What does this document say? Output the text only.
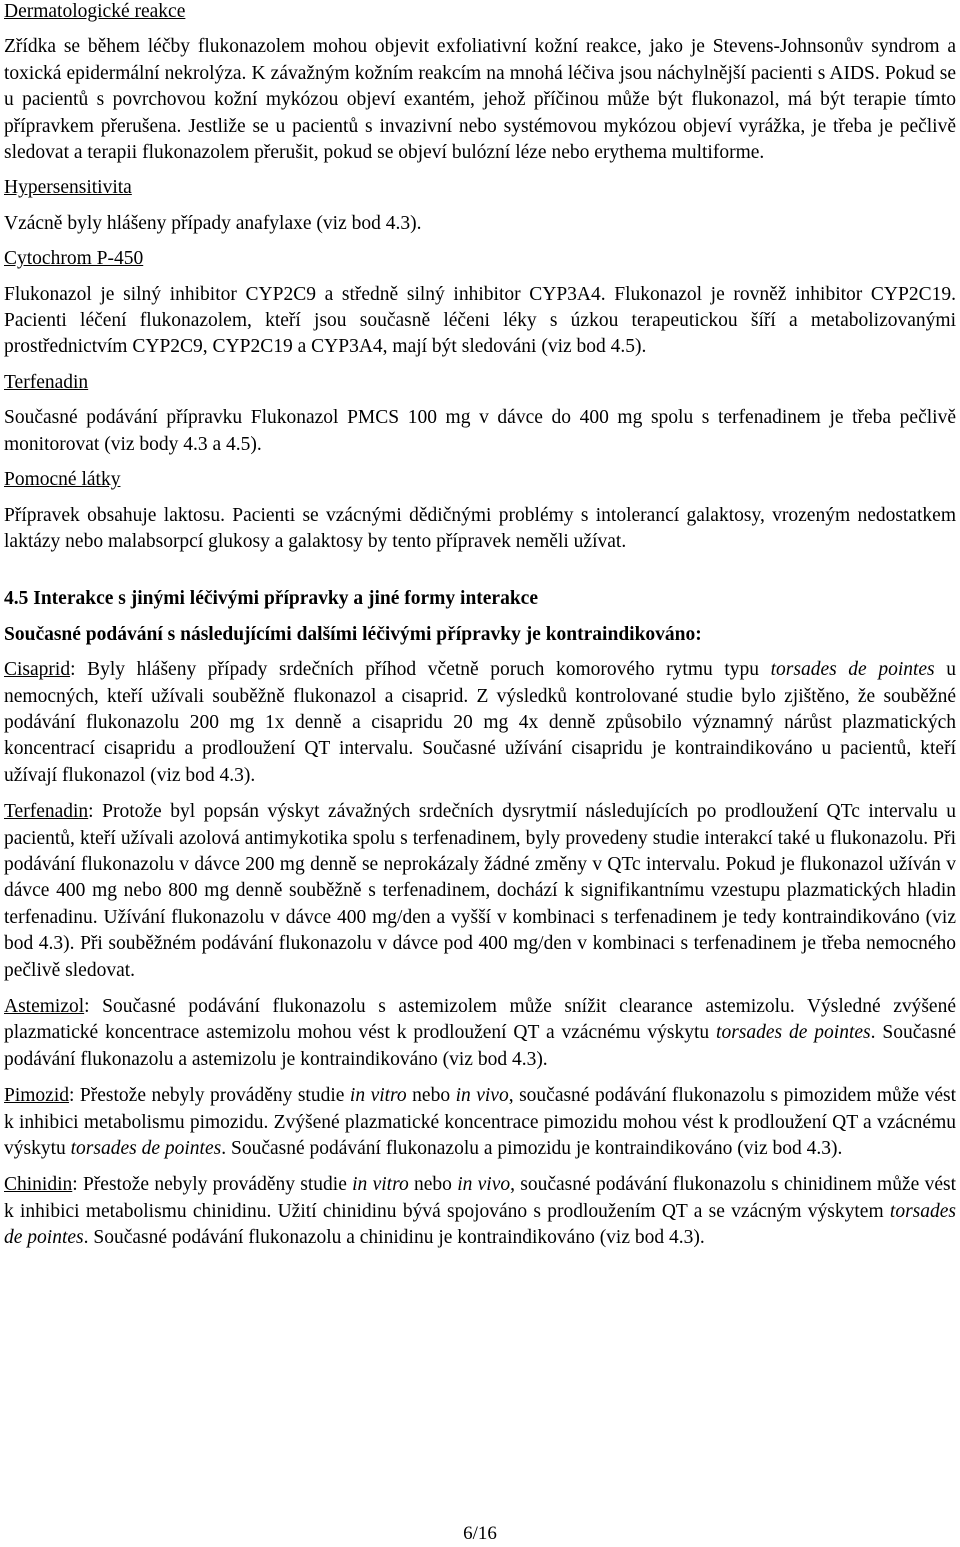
Dermatologické reakce

Zřídka se během léčby flukonazolem mohou objevit exfoliativní kožní reakce, jako je Stevens-Johnsonův syndrom a toxická epidermální nekrolýza. K závažným kožním reakcím na mnohá léčiva jsou náchylnější pacienti s AIDS. Pokud se u pacientů s povrchovou kožní mykózou objeví exantém, jehož příčinou může být flukonazol, má být terapie tímto přípravkem přerušena. Jestliže se u pacientů s invazivní nebo systémovou mykózou objeví vyrážka, je třeba je pečlivě sledovat a terapii flukonazolem přerušit, pokud se objeví bulózní léze nebo erythema multiforme.

Hypersensitivita

Vzácně byly hlášeny případy anafylaxe (viz bod 4.3).

Cytochrom P-450

Flukonazol je silný inhibitor CYP2C9 a středně silný inhibitor CYP3A4. Flukonazol je rovněž inhibitor CYP2C19. Pacienti léčení flukonazolem, kteří jsou současně léčeni léky s úzkou terapeutickou šíří a metabolizovanými prostřednictvím CYP2C9, CYP2C19 a CYP3A4, mají být sledováni (viz bod 4.5).

Terfenadin

Současné podávání přípravku Flukonazol PMCS 100 mg v dávce do 400 mg spolu s terfenadinem je třeba pečlivě monitorovat (viz body 4.3 a 4.5).

Pomocné látky

Přípravek obsahuje laktosu. Pacienti se vzácnými dědičnými problémy s intolerancí galaktosy, vrozeným nedostatkem laktázy nebo malabsorpcí glukosy a galaktosy by tento přípravek neměli užívat.

4.5 Interakce s jinými léčivými přípravky a jiné formy interakce

Současné podávání s následujícími dalšími léčivými přípravky je kontraindikováno:

Cisaprid: Byly hlášeny případy srdečních příhod včetně poruch komorového rytmu typu torsades de pointes u nemocných, kteří užívali souběžně flukonazol a cisaprid. Z výsledků kontrolované studie bylo zjištěno, že souběžné podávání flukonazolu 200 mg 1x denně a cisapridu 20 mg 4x denně způsobilo významný nárůst plazmatických koncentrací cisapridu a prodloužení QT intervalu. Současné užívání cisapridu je kontraindikováno u pacientů, kteří užívají flukonazol (viz bod 4.3).

Terfenadin: Protože byl popsán výskyt závažných srdečních dysrytmií následujících po prodloužení QTc intervalu u pacientů, kteří užívali azolová antimykotika spolu s terfenadinem, byly provedeny studie interakcí také u flukonazolu. Při podávání flukonazolu v dávce 200 mg denně se neprokázaly žádné změny v QTc intervalu. Pokud je flukonazol užíván v dávce 400 mg nebo 800 mg denně souběžně s terfenadinem, dochází k signifikantnímu vzestupu plazmatických hladin terfenadinu. Užívání flukonazolu v dávce 400 mg/den a vyšší v kombinaci s terfenadinem je tedy kontraindikováno (viz bod 4.3). Při souběžném podávání flukonazolu v dávce pod 400 mg/den v kombinaci s terfenadinem je třeba nemocného pečlivě sledovat.

Astemizol: Současné podávání flukonazolu s astemizolem může snížit clearance astemizolu. Výsledné zvýšené plazmatické koncentrace astemizolu mohou vést k prodloužení QT a vzácnému výskytu torsades de pointes. Současné podávání flukonazolu a astemizolu je kontraindikováno (viz bod 4.3).

Pimozid: Přestože nebyly prováděny studie in vitro nebo in vivo, současné podávání flukonazolu s pimozidem může vést k inhibici metabolismu pimozidu. Zvýšené plazmatické koncentrace pimozidu mohou vést k prodloužení QT a vzácnému výskytu torsades de pointes. Současné podávání flukonazolu a pimozidu je kontraindikováno (viz bod 4.3).

Chinidin: Přestože nebyly prováděny studie in vitro nebo in vivo, současné podávání flukonazolu s chinidinem může vést k inhibici metabolismu chinidinu. Užití chinidinu bývá spojováno s prodloužením QT a se vzácným výskytem torsades de pointes. Současné podávání flukonazolu a chinidinu je kontraindikováno (viz bod 4.3).

6/16
